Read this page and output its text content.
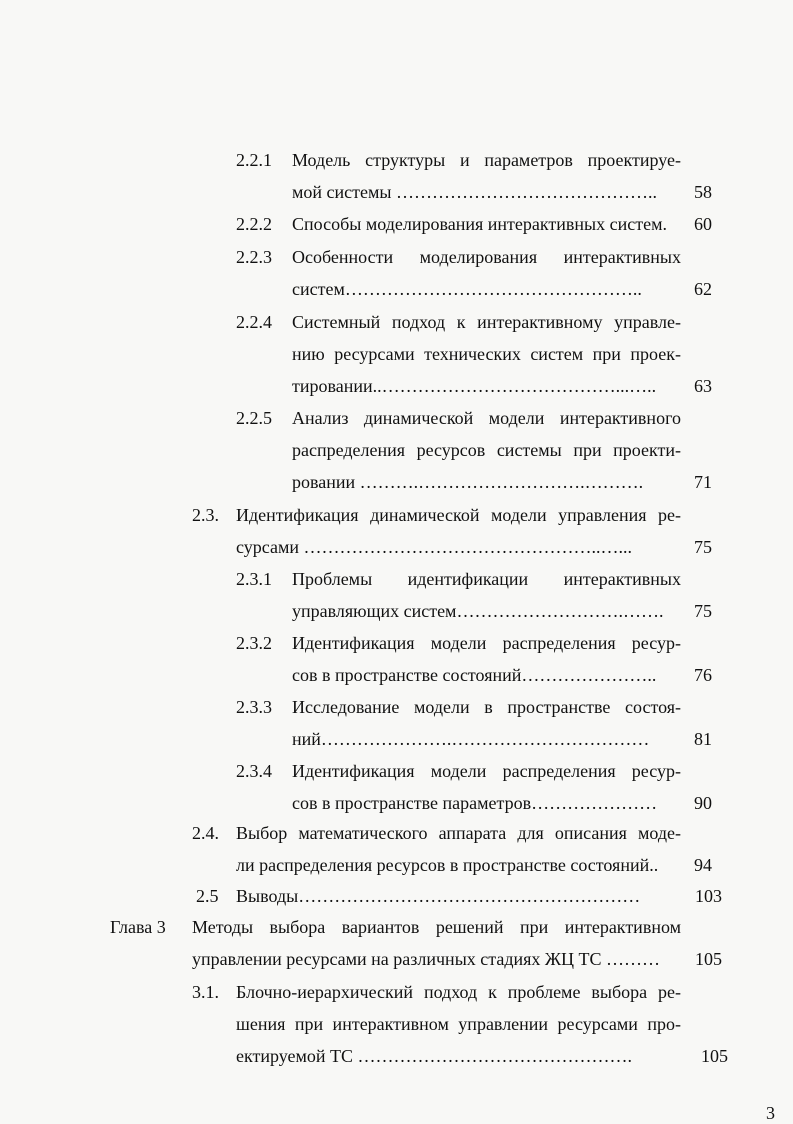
2.2.1 Модель структуры и параметров проектируе-
мой системы ……………………………………..	58
2.2.2 Способы моделирования интерактивных систем.	60
2.2.3 Особенности моделирования интерактивных
систем…………………………………………..	62
2.2.4 Системный подход к интерактивному управле-
нию ресурсами технических систем при проек-
тировании..…………………………………...…..	63
2.2.5 Анализ динамической модели интерактивного
распределения ресурсов системы при проекти-
ровании ……….……………………….……….	71
2.3. Идентификация динамической модели управления ре-
сурсами …………………………………………..…...	75
2.3.1 Проблемы идентификации интерактивных
управляющих систем……………………….…….	75
2.3.2 Идентификация модели распределения ресур-
сов в пространстве состояний…………………..	76
2.3.3 Исследование модели в пространстве состоя-
ний………………….……………………………	81
2.3.4 Идентификация модели распределения ресур-
сов в пространстве параметров…………………	90
2.4. Выбор математического аппарата для описания моде-
ли распределения ресурсов в пространстве состояний..	94
2.5 Выводы…………………………………………………	103
Глава 3 Методы выбора вариантов решений при интерактивном
управлении ресурсами на различных стадиях ЖЦ ТС ………	105
3.1. Блочно-иерархический подход к проблеме выбора ре-
шения при интерактивном управлении ресурсами про-
ектируемой ТС ……………………………………….	105
3
